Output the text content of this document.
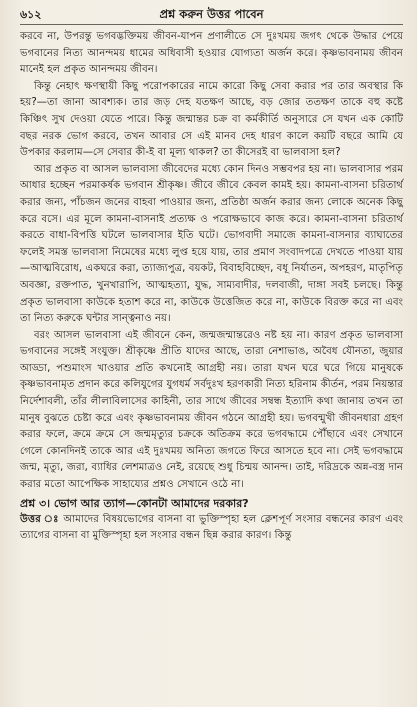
৬১২	প্রশ্ন করুন উত্তর পাবেন

করবে না, উপরন্তু ভগবদ্ভক্তিময় জীবন-যাপন প্রণালীতে সে দুঃখময় জগৎ থেকে উদ্ধার পেয়ে ভগবানের নিত্য আনন্দময় ধামের অধিবাসী হওয়ার যোগ্যতা অর্জন করে। কৃষ্ণভাবনাময় জীবন মানেই হল প্রকৃত আনন্দময় জীবন।

কিন্তু নেহাৎ ক্ষণস্থায়ী কিছু পরোপকারের নামে কারো কিছু সেবা করার পর তার অবস্থার কি হয়?—তা জানা আবশ্যক। তার জড় দেহ যতক্ষণ আছে, বড় জোর ততক্ষণ তাকে বহু কষ্টে কিঞ্চিৎ সুখ দেওয়া যেতে পারে। কিন্তু জন্মান্তর চক্র বা কর্মকীর্তি অনুসারে সে যখন এক কোটি বছর নরক ভোগ করবে, তখন আবার সে এই মানব দেহ ধারণ কালে কয়টি বছরে আমি যে উপকার করলাম—সে সেবার কী-ই বা মূল্য থাকল? তা কীসেরই বা ভালবাসা হল?

আর প্রকৃত বা আসল ভালবাসা জীবেদের মধ্যে কোন দিনও সম্ভবপর হয় না। ভালবাসার পরম আধার হচ্ছেন পরমাকর্ষক ভগবান শ্রীকৃষ্ণ। জীবে জীবে কেবল কামই হয়। কামনা-বাসনা চরিতার্থ করার জন্য, পাঁচজন জনের বাহবা পাওয়ার জন্য, প্রতিষ্ঠা অর্জন করার জন্য লোকে অনেক কিছু করে বসে। এর মূলে কামনা-বাসনাই প্রত্যক্ষ ও পরোক্ষভাবে কাজ করে। কামনা-বাসনা চরিতার্থ করতে বাধা-বিপত্তি ঘটলে ভালবাসার ইতি ঘটে। ভোগবাদী সমাজে কামনা-বাসনার ব্যাঘাতের ফলেই সমস্ত ভালবাসা নিমেষের মধ্যে লুপ্ত হয়ে যায়, তার প্রমাণ সংবাদপত্রে দেখতে পাওয়া যায়—আত্মবিরোধ, একঘরে করা, ত্যাজ্যপুত্র, বয়কট, বিবাহবিচ্ছেদ, বধূ নির্যাতন, অপহরণ, মাতৃপিতৃ অবজ্ঞা, রক্তপাত, খুনখারাপি, আত্মহত্যা, যুদ্ধ, সাম্যবাদীর, দলবাজী, দাঙ্গা সবই চলছে। কিন্তু প্রকৃত ভালবাসা কাউকে হতাশ করে না, কাউকে উত্তেজিত করে না, কাউকে বিরক্ত করে না এবং তা নিত্য করুকে ঘন্টার সান্ত্বনাও নয়।

বরং আসল ভালবাসা এই জীবনে কেন, জন্মজন্মান্তরেও নষ্ট হয় না। কারণ প্রকৃত ভালবাসা ভগবানের সঙ্গেই সংযুক্ত। শ্রীকৃষ্ণে প্রীতি যাদের আছে, তারা নেশাভাঙ, অবৈধ যৌনতা, জুয়ার আড্ডা, পশুমাংস খাওয়ার প্রতি কখনোই আগ্রহী নয়। তারা যখন ঘরে ঘরে গিয়ে মানুষকে কৃষ্ণভাবনামৃত প্রদান করে কলিযুগের যুগধর্ম সর্বদুঃখ হরণকারী নিত্য হরিনাম কীর্তন, পরম নিয়ন্তার নির্দেশাবলী, তাঁর লীলাবিলাসের কাহিনী, তার সাথে জীবের সম্বন্ধ ইত্যাদি কথা জানায় তখন তা মানুষ বুঝতে চেষ্টা করে এবং কৃষ্ণভাবনাময় জীবন গঠনে আগ্রহী হয়। ভগবন্মুখী জীবনধারা গ্রহণ করার ফলে, ক্রমে ক্রমে সে জন্মমৃত্যুর চক্রকে অতিক্রম করে ভগবদ্ধামে পৌঁছাবে এবং সেখানে গেলে কোনদিনই তাকে আর এই দুঃখময় অনিত্য জগতে ফিরে আসতে হবে না। সেই ভগবদ্ধামে জন্ম, মৃত্যু, জরা, ব্যাধির লেশমাত্রও নেই, রয়েছে শুধু চিন্ময় আনন্দ। তাই, দরিদ্রকে অন্ন-বস্ত্র দান করার মতো আপেক্ষিক সাহায্যের প্রশ্নও সেখানে ওঠে না।

প্রশ্ন ৩। ভোগ আর ত্যাগ—কোনটা আমাদের দরকার?

উত্তর ঃ আমাদের বিষয়ভোগের বাসনা বা ভুক্তিস্পৃহা হল ক্লেশপূর্ণ সংসার বন্ধনের কারণ এবং ত্যাগের বাসনা বা মুক্তিস্পৃহা হল সংসার বন্ধন ছিন্ন করার কারণ। কিন্তু
